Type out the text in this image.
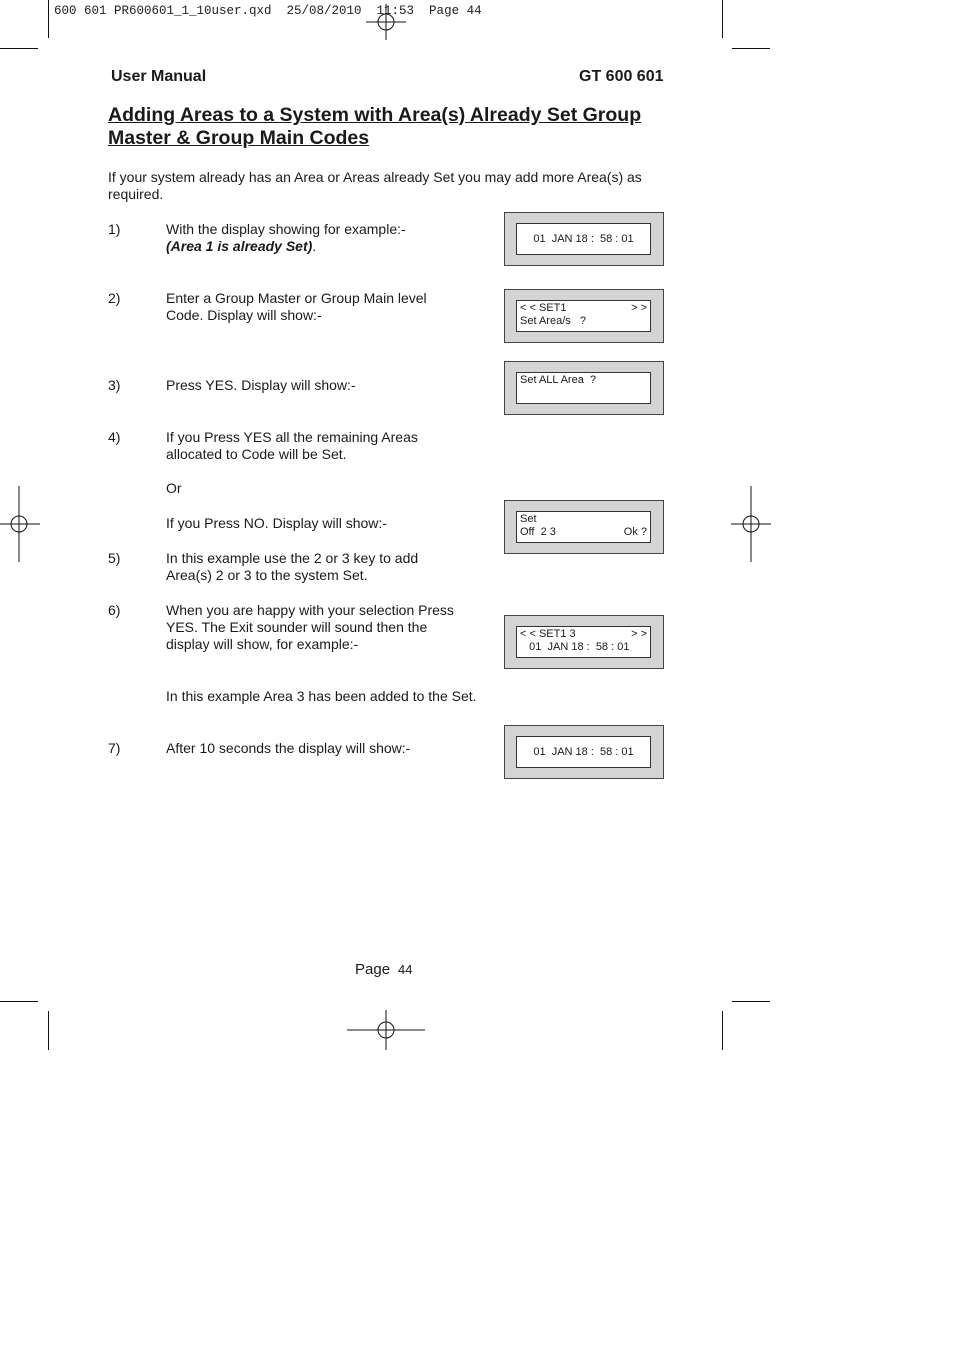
600 601 PR600601_1_10user.qxd  25/08/2010  11:53  Page 44
User Manual	GT 600 601
Adding Areas to a System with Area(s) Already Set Group Master & Group Main Codes
If your system already has an Area or Areas already Set you may add more Area(s) as required.
1)	With the display showing for example:-
(Area 1 is already Set).	01  JAN 18 :  58 : 01
2)	Enter a Group Master or Group Main level Code. Display will show:-	< < SET1	> >
Set Area/s   ?
3)	Press YES. Display will show:-	Set ALL Area  ?
4)	If you Press YES all the remaining Areas allocated to Code will be Set.
Or
If you Press NO. Display will show:-	Set
Off  2 3	Ok ?
5)	In this example use the 2 or 3 key to add Area(s) 2 or 3 to the system Set.
6)	When you are happy with your selection Press YES. The Exit sounder will sound then the display will show, for example:-
< < SET1 3	> >
01  JAN 18 :  58 : 01
In this example Area 3 has been added to the Set.
7)	After 10 seconds the display will show:-	01  JAN 18 :  58 : 01
Page 44
